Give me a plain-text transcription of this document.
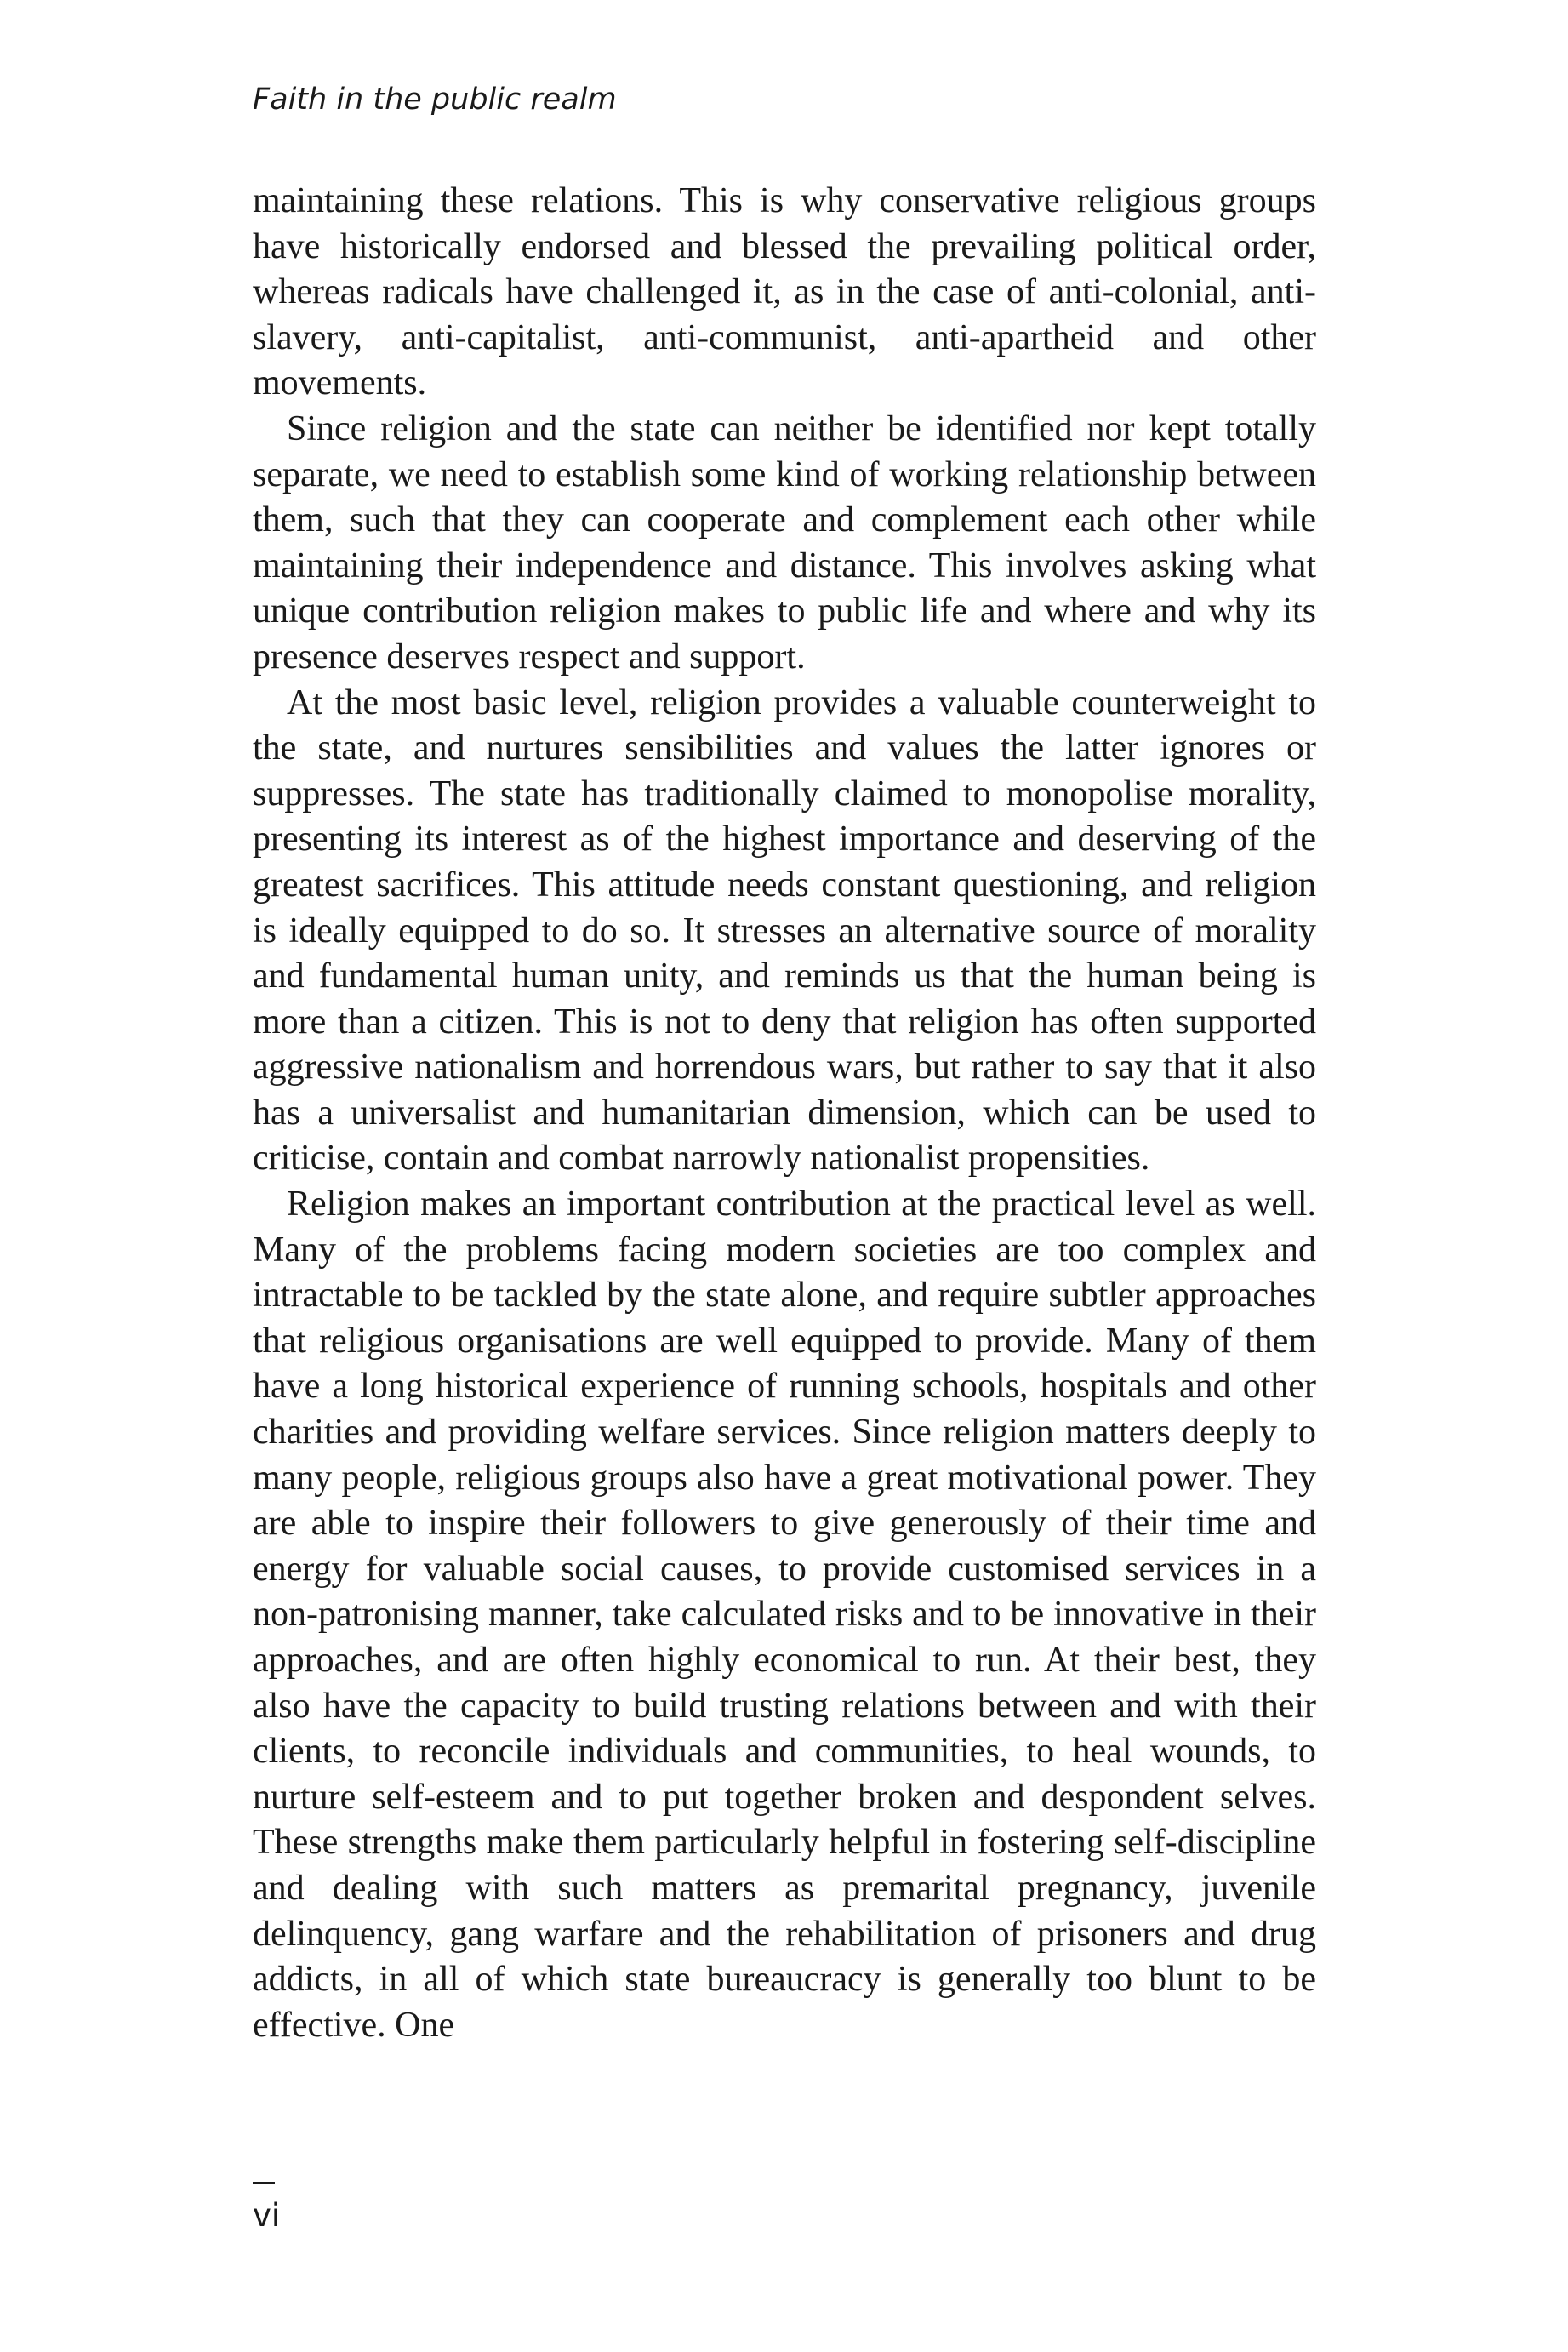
Faith in the public realm

maintaining these relations. This is why conservative religious groups have historically endorsed and blessed the prevailing political order, whereas radicals have challenged it, as in the case of anti-colonial, anti-slavery, anti-capitalist, anti-communist, anti-apartheid and other movements.

Since religion and the state can neither be identified nor kept totally separate, we need to establish some kind of working relationship between them, such that they can cooperate and complement each other while maintaining their independence and distance. This involves asking what unique contribution religion makes to public life and where and why its presence deserves respect and support.

At the most basic level, religion provides a valuable counterweight to the state, and nurtures sensibilities and values the latter ignores or suppresses. The state has traditionally claimed to monopolise morality, presenting its interest as of the highest importance and deserving of the greatest sacrifices. This attitude needs constant questioning, and religion is ideally equipped to do so. It stresses an alternative source of morality and fundamental human unity, and reminds us that the human being is more than a citizen. This is not to deny that religion has often supported aggressive nationalism and horrendous wars, but rather to say that it also has a universalist and humanitarian dimension, which can be used to criticise, contain and combat narrowly nationalist propensities.

Religion makes an important contribution at the practical level as well. Many of the problems facing modern societies are too complex and intractable to be tackled by the state alone, and require subtler approaches that religious organisations are well equipped to provide. Many of them have a long historical experience of running schools, hospitals and other charities and providing welfare services. Since religion matters deeply to many people, religious groups also have a great motivational power. They are able to inspire their followers to give generously of their time and energy for valuable social causes, to provide customised services in a non-patronising manner, take calculated risks and to be innovative in their approaches, and are often highly economical to run. At their best, they also have the capacity to build trusting relations between and with their clients, to reconcile individuals and communities, to heal wounds, to nurture self-esteem and to put together broken and despondent selves. These strengths make them particularly helpful in fostering self-discipline and dealing with such matters as premarital pregnancy, juvenile delinquency, gang warfare and the rehabilitation of prisoners and drug addicts, in all of which state bureaucracy is generally too blunt to be effective. One

vi
